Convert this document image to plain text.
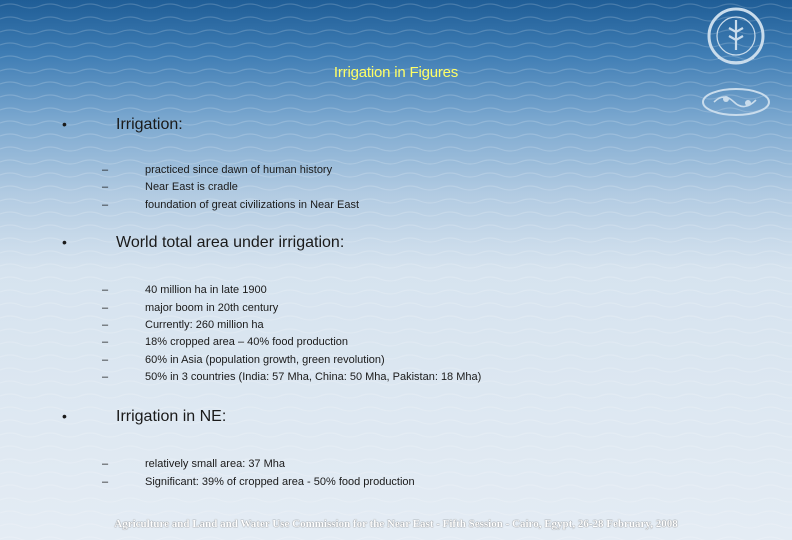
Irrigation in Figures
•	Irrigation:
–	practiced since dawn of human history
–	Near East is cradle
–	foundation of great civilizations in Near East
•	World total area under irrigation:
–	40 million ha in late 1900
–	major boom in 20th century
–	Currently: 260 million ha
–	18% cropped area – 40% food production
–	60% in Asia (population growth, green revolution)
–	50% in 3 countries (India: 57 Mha, China: 50 Mha, Pakistan: 18 Mha)
•	Irrigation in NE:
–	relatively small area: 37 Mha
–	Significant: 39% of cropped area - 50% food production
Agriculture and Land and Water Use Commission for the Near East - Fifth Session - Cairo, Egypt, 26-28 February, 2008
